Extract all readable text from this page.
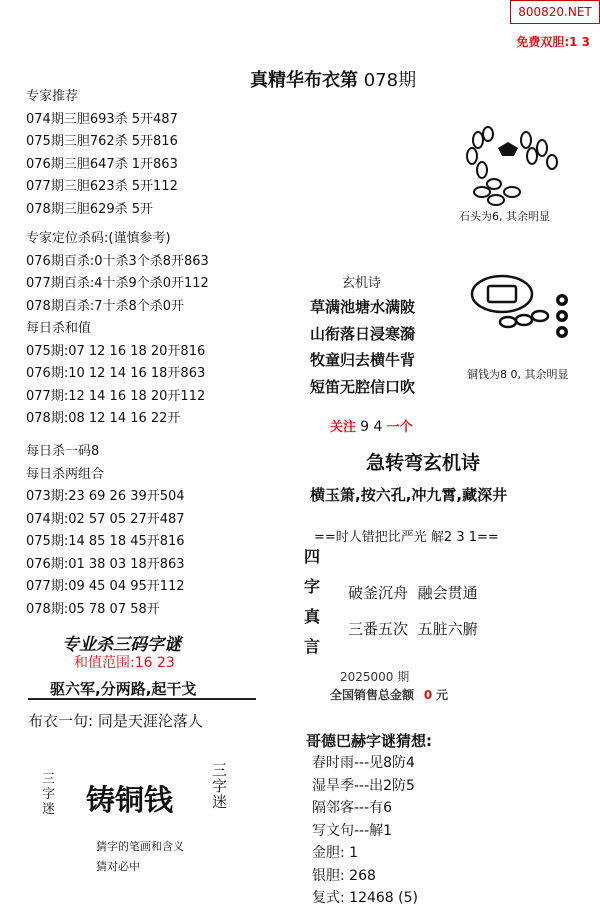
800820.NET
免费双胆:1 3
真精华布衣第 078期
专家推荐
074期三胆693杀 5开487
075期三胆762杀 5开816
076期三胆647杀 1开863
077期三胆623杀 5开112
078期三胆629杀 5开
专家定位杀码:(谨慎参考)
076期百杀:0十杀3个杀8开863
077期百杀:4十杀9个杀0开112
078期百杀:7十杀8个杀0开
每日杀和值
075期:07 12 16 18 20开816
076期:10 12 14 16 18开863
077期:12 14 16 18 20开112
078期:08 12 14 16 22开
每日杀一码8
每日杀两组合
073期:23 69 26 39开504
074期:02 57 05 27开487
075期:14 85 18 45开816
076期:01 38 03 18开863
077期:09 45 04 95开112
078期:05 78 07 58开
专业杀三码字谜
和值范围:16 23
驱六军,分两路,起干戈
布衣一句: 同是天涯沦落人
三
字
迷 铸铜钱
三
字
迷
猜字的笔画和含义
猜对必中
石头为6, 其余明显
铜钱为8 0, 其余明显
玄机诗
草满池塘水满陂
山衔落日浸寒漪
牧童归去横牛背
短笛无腔信口吹
关注 9 4 一个
急转弯玄机诗
横玉箫,按六孔,冲九霄,藏深井
==时人错把比严光 解2 3 1==
四
字
真
言
破釜沉舟 融会贯通
三番五次 五脏六腑
2025000 期
全国销售总金额 0 元
哥德巴赫字谜猜想:
春时雨---见8防4
湿旱季---出2防5
隔邻客---有6
写文句---解1
金胆: 1
银胆: 268
复式: 12468 (5)
